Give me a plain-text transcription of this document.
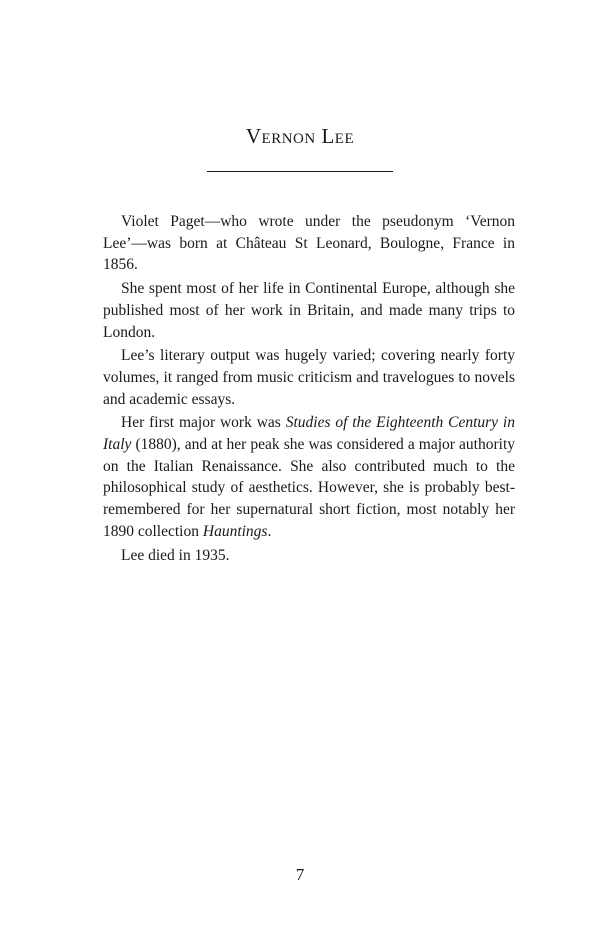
Vernon Lee

Violet Paget—who wrote under the pseudonym ‘Vernon Lee’—was born at Château St Leonard, Boulogne, France in 1856.

She spent most of her life in Continental Europe, although she published most of her work in Britain, and made many trips to London.

Lee’s literary output was hugely varied; covering nearly forty volumes, it ranged from music criticism and travelogues to novels and academic essays.

Her first major work was Studies of the Eighteenth Century in Italy (1880), and at her peak she was considered a major authority on the Italian Renaissance. She also contributed much to the philosophical study of aesthetics. However, she is probably best-remembered for her supernatural short fiction, most notably her 1890 collection Hauntings.

Lee died in 1935.

7
